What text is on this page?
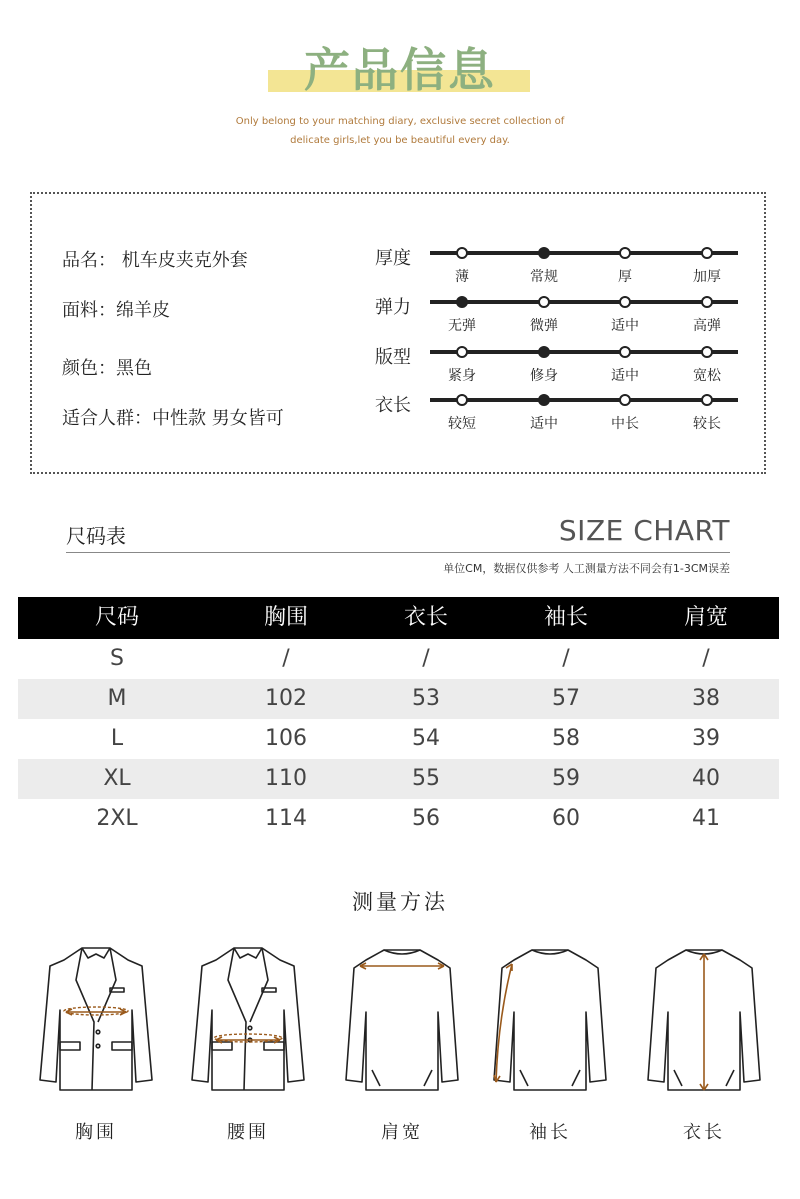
产品信息
Only belong to your matching diary, exclusive secret collection of
delicate girls,let you be beautiful every day.
品名： 机车皮夹克外套
面料：绵羊皮
颜色：黑色
适合人群：中性款 男女皆可
厚度
薄	常规	厚	加厚
弹力
无弹	微弹	适中	高弹
版型
紧身	修身	适中	宽松
衣长
较短	适中	中长	较长
尺码表	SIZE CHART
单位CM，数据仅供参考 人工测量方法不同会有1-3CM误差
尺码	胸围	衣长	袖长	肩宽
S	/	/	/	/
M	102	53	57	38
L	106	54	58	39
XL	110	55	59	40
2XL	114	56	60	41
测量方法
胸围	腰围	肩宽	袖长	衣长
